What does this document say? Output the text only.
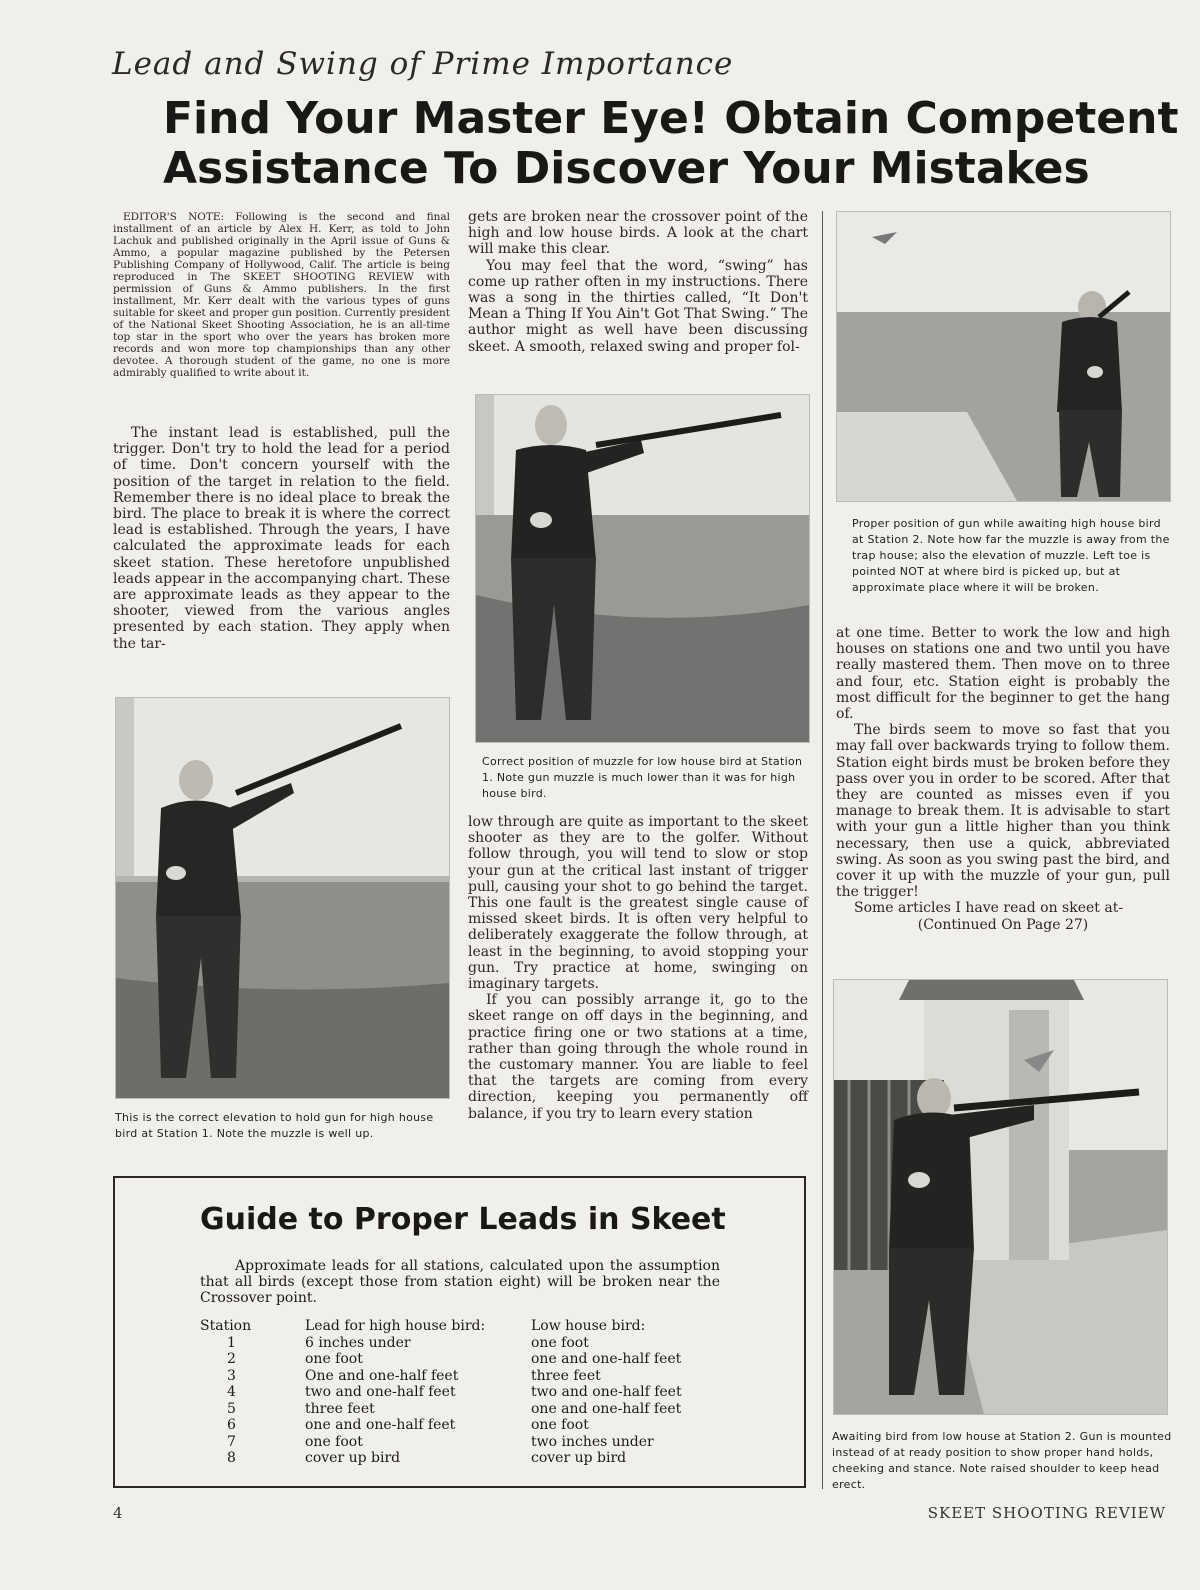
Lead and Swing of Prime Importance
Find Your Master Eye! Obtain Competent
Assistance To Discover Your Mistakes
EDITOR'S NOTE: Following is the second and final installment of an article by Alex H. Kerr, as told to John Lachuk and published originally in the April issue of Guns & Ammo, a popular magazine published by the Petersen Publishing Company of Hollywood, Calif. The article is being reproduced in The SKEET SHOOTING REVIEW with permission of Guns & Ammo publishers. In the first installment, Mr. Kerr dealt with the various types of guns suitable for skeet and proper gun position. Currently president of the National Skeet Shooting Association, he is an all-time top star in the sport who over the years has broken more records and won more top championships than any other devotee. A thorough student of the game, no one is more admirably qualified to write about it.

The instant lead is established, pull the trigger. Don't try to hold the lead for a period of time. Don't concern yourself with the position of the target in relation to the field. Remember there is no ideal place to break the bird. The place to break it is where the correct lead is established. Through the years, I have calculated the approximate leads for each skeet station. These heretofore unpublished leads appear in the accompanying chart. These are approximate leads as they appear to the shooter, viewed from the various angles presented by each station. They apply when the tar-

This is the correct elevation to hold gun for high house bird at Station 1. Note the muzzle is well up.

gets are broken near the crossover point of the high and low house birds. A look at the chart will make this clear.

You may feel that the word, “swing” has come up rather often in my instructions. There was a song in the thirties called, “It Don't Mean a Thing If You Ain't Got That Swing.” The author might as well have been discussing skeet. A smooth, relaxed swing and proper fol-

Correct position of muzzle for low house bird at Station 1. Note gun muzzle is much lower than it was for high house bird.

low through are quite as important to the skeet shooter as they are to the golfer. Without follow through, you will tend to slow or stop your gun at the critical last instant of trigger pull, causing your shot to go behind the target. This one fault is the greatest single cause of missed skeet birds. It is often very helpful to deliberately exaggerate the follow through, at least in the beginning, to avoid stopping your gun. Try practice at home, swinging on imaginary targets.

If you can possibly arrange it, go to the skeet range on off days in the beginning, and practice firing one or two stations at a time, rather than going through the whole round in the customary manner. You are liable to feel that the targets are coming from every direction, keeping you permanently off balance, if you try to learn every station

Proper position of gun while awaiting high house bird at Station 2. Note how far the muzzle is away from the trap house; also the elevation of muzzle. Left toe is pointed NOT at where bird is picked up, but at approximate place where it will be broken.

at one time. Better to work the low and high houses on stations one and two until you have really mastered them. Then move on to three and four, etc. Station eight is probably the most difficult for the beginner to get the hang of.

The birds seem to move so fast that you may fall over backwards trying to follow them. Station eight birds must be broken before they pass over you in order to be scored. After that they are counted as misses even if you manage to break them. It is advisable to start with your gun a little higher than you think necessary, then use a quick, abbreviated swing. As soon as you swing past the bird, and cover it up with the muzzle of your gun, pull the trigger!

Some articles I have read on skeet at-

(Continued On Page 27)
Awaiting bird from low house at Station 2. Gun is mounted instead of at ready position to show proper hand holds, cheeking and stance. Note raised shoulder to keep head erect.
Guide to Proper Leads in Skeet
Approximate leads for all stations, calculated upon the assumption that all birds (except those from station eight) will be broken near the Crossover point.
Station
1
2
3
4
5
6
7
8
Lead for high house bird:
6 inches under
one foot
One and one-half feet
two and one-half feet
three feet
one and one-half feet
one foot
cover up bird
Low house bird:
one foot
one and one-half feet
three feet
two and one-half feet
one and one-half feet
one foot
two inches under
cover up bird
4	SKEET SHOOTING REVIEW
